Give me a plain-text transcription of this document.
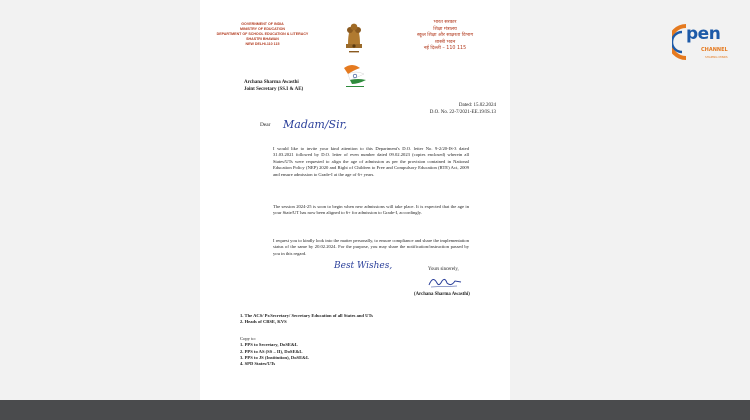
GOVERNMENT OF INDIA
MINISTRY OF EDUCATION
DEPARTMENT OF SCHOOL EDUCATION & LITERACY
SHASTRI BHAWAN
NEW DELHI-110 115
भारत सरकार
शिक्षा मंत्रालय
स्कूल शिक्षा और साक्षरता विभाग
शास्त्री भवन
नई दिल्ली – 110 115
Archana Sharma Awasthi
Joint Secretary (SS.I & AE)
Dated: 15.02.2024
D.O. No. 22-7/2021-EE.19/IS.13
Dear Madam/Sir,
I would like to invite your kind attention to this Department's D.O. letter No. 9-2/20-IS-3 dated 31.03.2021 followed by D.O. letter of even number dated 09.02.2023 (copies enclosed) wherein all States/UTs were requested to align the age of admission as per the provision contained in National Education Policy (NEP) 2020 and Right of Children to Free and Compulsory Education (RTE) Act, 2009 and ensure admission to Grade-I at the age of 6+ years.
The session 2024-25 is soon to begin when new admissions will take place. It is expected that the age in your State/UT has now been aligned to 6+ for admission to Grade-I, accordingly.
I request you to kindly look into the matter personally, to ensure compliance and share the implementation status of the same by 20.02.2024. For the purpose, you may share the notification/instruction passed by you in this regard.
Best Wishes,	Yours sincerely,
(Archana Sharma Awasthi)
1. The ACS/ Pr.Secretary/ Secretary Education of all States and UTs
2. Heads of CBSE, KVS
Copy to:
1. PPS to Secretary, DoSE&L
2. PPS to AS (SS – II), DoSE&L
3. PPS to JS (Institution), DoSE&L
4. SPD States/UTs
pen
CHANNEL
SHAPING MINDS
